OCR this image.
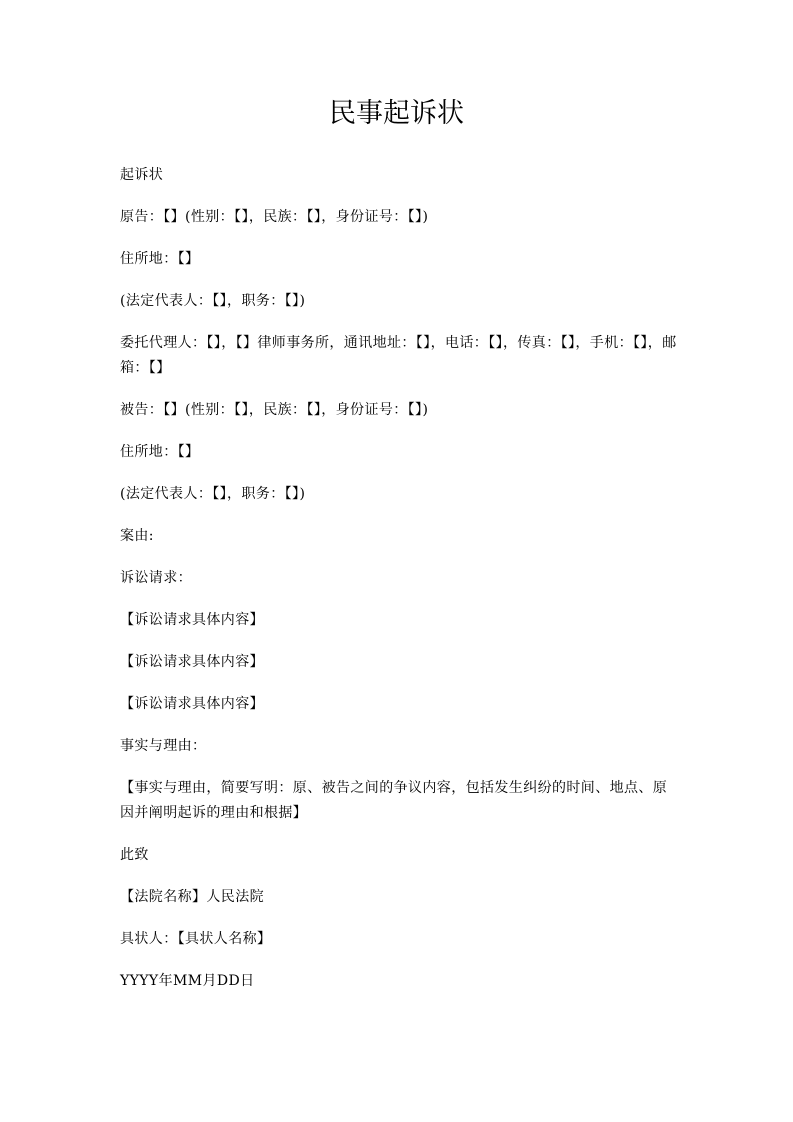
民事起诉状

起诉状

原告：【】(性别：【】，民族：【】，身份证号：【】)

住所地：【】

(法定代表人：【】，职务：【】)

委托代理人：【】，【】律师事务所，通讯地址：【】，电话：【】，传真：【】，手机：【】，邮箱：【】

被告：【】(性别：【】，民族：【】，身份证号：【】)

住所地：【】

(法定代表人：【】，职务：【】)

案由:

诉讼请求：

【诉讼请求具体内容】

【诉讼请求具体内容】

【诉讼请求具体内容】

事实与理由：

【事实与理由，简要写明：原、被告之间的争议内容，包括发生纠纷的时间、地点、原因并阐明起诉的理由和根据】

此致

【法院名称】人民法院

具状人：【具状人名称】

YYYY年MM月DD日
